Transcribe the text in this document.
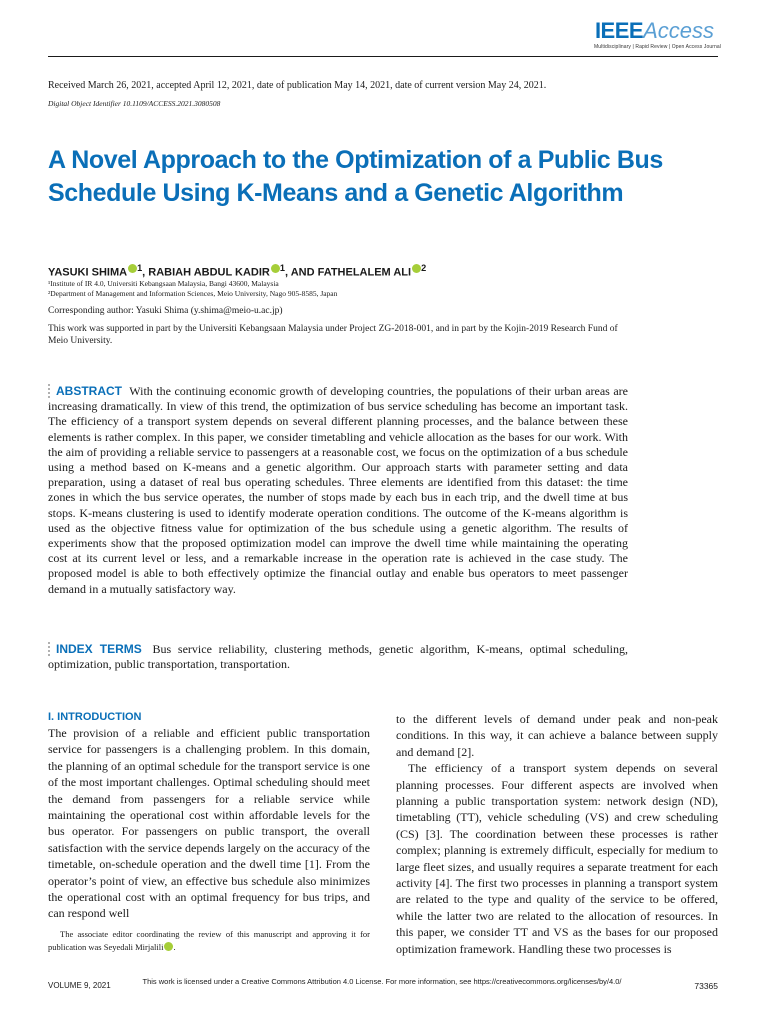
IEEEAccess
Multidisciplinary | Rapid Review | Open Access Journal
Received March 26, 2021, accepted April 12, 2021, date of publication May 14, 2021, date of current version May 24, 2021.
Digital Object Identifier 10.1109/ACCESS.2021.3080508
A Novel Approach to the Optimization of a Public Bus Schedule Using K-Means and a Genetic Algorithm
YASUKI SHIMA $^1$, RABIAH ABDUL KADIR $^1$, AND FATHELALEM ALI $^2$
¹Institute of IR 4.0, Universiti Kebangsaan Malaysia, Bangi 43600, Malaysia
²Department of Management and Information Sciences, Meio University, Nago 905-8585, Japan
Corresponding author: Yasuki Shima (y.shima@meio-u.ac.jp)
This work was supported in part by the Universiti Kebangsaan Malaysia under Project ZG-2018-001, and in part by the Kojin-2019 Research Fund of Meio University.
ABSTRACT With the continuing economic growth of developing countries, the populations of their urban areas are increasing dramatically. In view of this trend, the optimization of bus service scheduling has become an important task. The efficiency of a transport system depends on several different planning processes, and the balance between these elements is rather complex. In this paper, we consider timetabling and vehicle allocation as the bases for our work. With the aim of providing a reliable service to passengers at a reasonable cost, we focus on the optimization of a bus schedule using a method based on K-means and a genetic algorithm. Our approach starts with parameter setting and data preparation, using a dataset of real bus operating schedules. Three elements are identified from this dataset: the time zones in which the bus service operates, the number of stops made by each bus in each trip, and the dwell time at bus stops. K-means clustering is used to identify moderate operation conditions. The outcome of the K-means algorithm is used as the objective fitness value for optimization of the bus schedule using a genetic algorithm. The results of experiments show that the proposed optimization model can improve the dwell time while maintaining the operating cost at its current level or less, and a remarkable increase in the operation rate is achieved in the case study. The proposed model is able to both effectively optimize the financial outlay and enable bus operators to meet passenger demand in a mutually satisfactory way.
INDEX TERMS Bus service reliability, clustering methods, genetic algorithm, K-means, optimal scheduling, optimization, public transportation, transportation.
I. INTRODUCTION

The provision of a reliable and efficient public transportation service for passengers is a challenging problem. In this domain, the planning of an optimal schedule for the transport service is one of the most important challenges. Optimal scheduling should meet the demand from passengers for a reliable service while maintaining the operational cost within affordable levels for the bus operator. For passengers on public transport, the overall satisfaction with the service depends largely on the accuracy of the timetable, on-schedule operation and the dwell time [1]. From the operator’s point of view, an effective bus schedule also minimizes the operational cost with an optimal frequency for bus trips, and can respond well

to the different levels of demand under peak and non-peak conditions. In this way, it can achieve a balance between supply and demand [2].

The efficiency of a transport system depends on several planning processes. Four different aspects are involved when planning a public transportation system: network design (ND), timetabling (TT), vehicle scheduling (VS) and crew scheduling (CS) [3]. The coordination between these processes is rather complex; planning is extremely difficult, especially for medium to large fleet sizes, and usually requires a separate treatment for each activity [4]. The first two processes in planning a transport system are related to the type and quality of the service to be offered, while the latter two are related to the allocation of resources. In this paper, we consider TT and VS as the bases for our proposed optimization framework. Handling these two processes is

The associate editor coordinating the review of this manuscript and approving it for publication was Seyedali Mirjalili .
VOLUME 9, 2021	This work is licensed under a Creative Commons Attribution 4.0 License. For more information, see https://creativecommons.org/licenses/by/4.0/	73365
